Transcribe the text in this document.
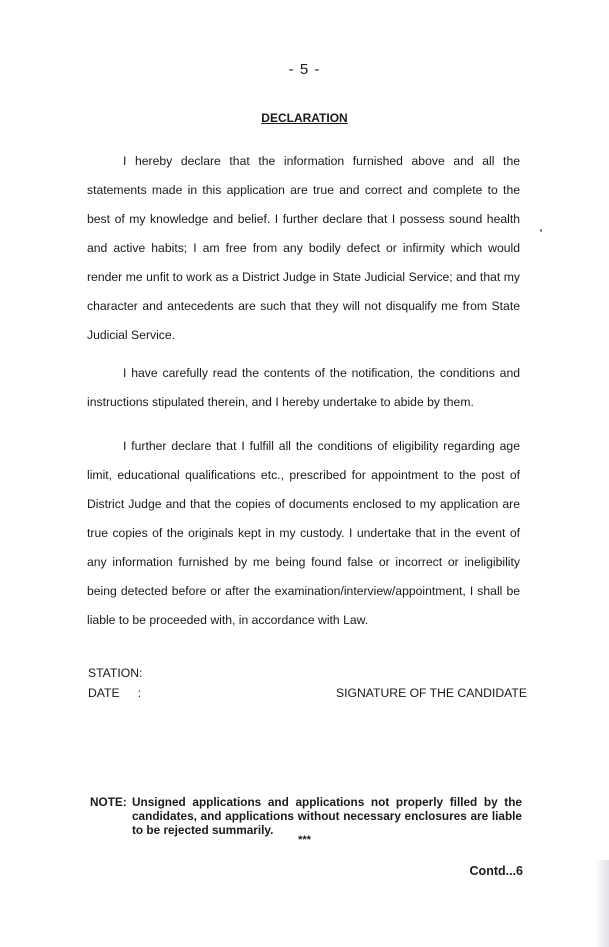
- 5 -
DECLARATION

I hereby declare that the information furnished above and all the statements made in this application are true and correct and complete to the best of my knowledge and belief. I further declare that I possess sound health and active habits; I am free from any bodily defect or infirmity which would render me unfit to work as a District Judge in State Judicial Service; and that my character and antecedents are such that they will not disqualify me from State Judicial Service.

I have carefully read the contents of the notification, the conditions and instructions stipulated therein, and I hereby undertake to abide by them.

I further declare that I fulfill all the conditions of eligibility regarding age limit, educational qualifications etc., prescribed for appointment to the post of District Judge and that the copies of documents enclosed to my application are true copies of the originals kept in my custody. I undertake that in the event of any information furnished by me being found false or incorrect or ineligibility being detected before or after the examination/interview/appointment, I shall be liable to be proceeded with, in accordance with Law.

STATION:
DATE :	SIGNATURE OF THE CANDIDATE
NOTE: Unsigned applications and applications not properly filled by the candidates, and applications without necessary enclosures are liable to be rejected summarily.
***
Contd...6
